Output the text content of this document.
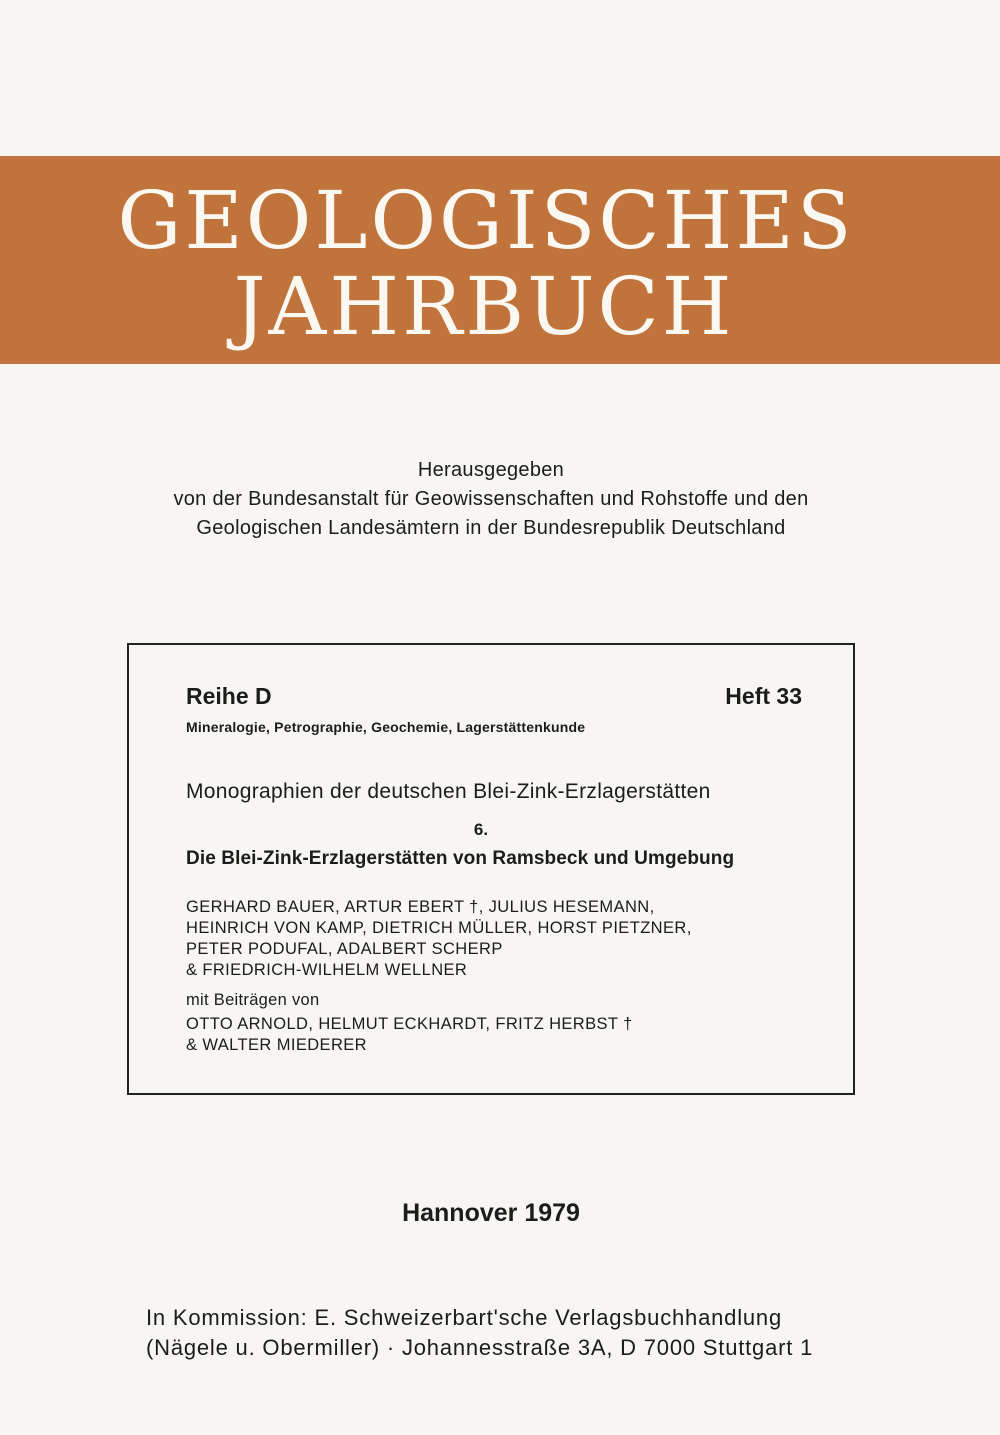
GEOLOGISCHES
JAHRBUCH
Herausgegeben
von der Bundesanstalt für Geowissenschaften und Rohstoffe und den
Geologischen Landesämtern in der Bundesrepublik Deutschland
Reihe D	Heft 33
Mineralogie, Petrographie, Geochemie, Lagerstättenkunde
Monographien der deutschen Blei-Zink-Erzlagerstätten
6.
Die Blei-Zink-Erzlagerstätten von Ramsbeck und Umgebung
GERHARD BAUER, ARTUR EBERT †, JULIUS HESEMANN,
HEINRICH VON KAMP, DIETRICH MÜLLER, HORST PIETZNER,
PETER PODUFAL, ADALBERT SCHERP
& FRIEDRICH-WILHELM WELLNER
mit Beiträgen von
OTTO ARNOLD, HELMUT ECKHARDT, FRITZ HERBST †
& WALTER MIEDERER
Hannover 1979
In Kommission: E. Schweizerbart'sche Verlagsbuchhandlung
(Nägele u. Obermiller) · Johannesstraße 3A, D 7000 Stuttgart 1
